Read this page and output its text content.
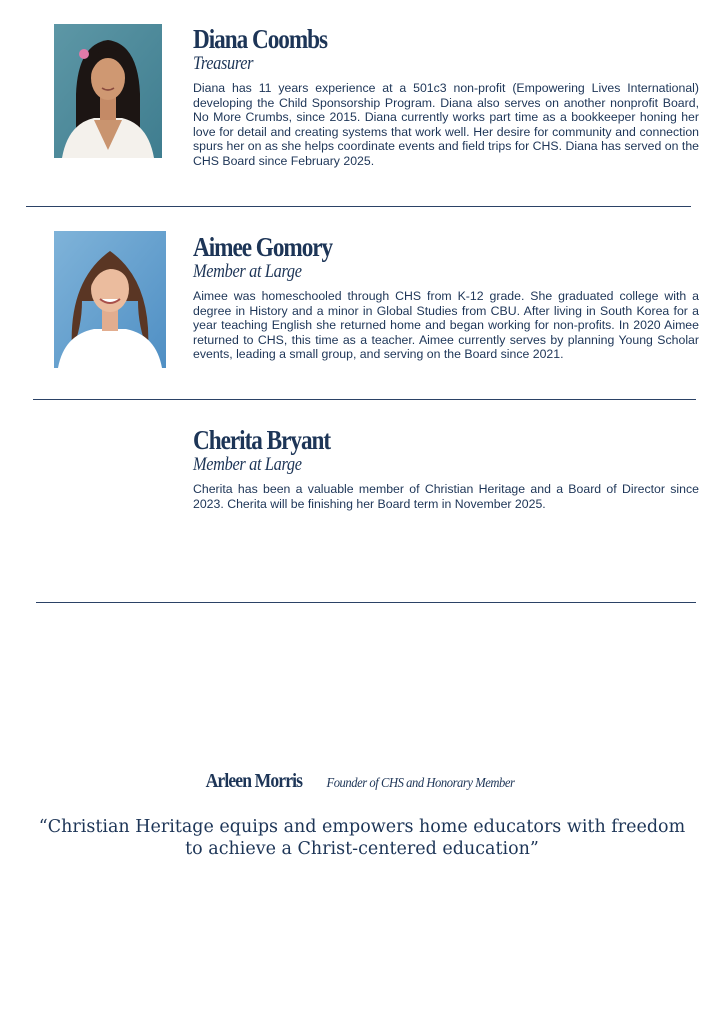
Diana Coombs
Treasurer
Diana has 11 years experience at a 501c3 non-profit (Empowering Lives International) developing the Child Sponsorship Program. Diana also serves on another nonprofit Board, No More Crumbs, since 2015. Diana currently works part time as a bookkeeper honing her love for detail and creating systems that work well. Her desire for community and connection spurs her on as she helps coordinate events and field trips for CHS. Diana has served on the CHS Board since February 2025.
Aimee Gomory
Member at Large
Aimee was homeschooled through CHS from K-12 grade. She graduated college with a degree in History and a minor in Global Studies from CBU. After living in South Korea for a year teaching English she returned home and began working for non-profits. In 2020 Aimee returned to CHS, this time as a teacher. Aimee currently serves by planning Young Scholar events, leading a small group, and serving on the Board since 2021.
Cherita Bryant
Member at Large
Cherita has been a valuable member of Christian Heritage and a Board of Director since 2023. Cherita will be finishing her Board term in November 2025.
Arleen Morris Founder of CHS and Honorary Member
“Christian Heritage equips and empowers home educators with freedom to achieve a Christ-centered education”
